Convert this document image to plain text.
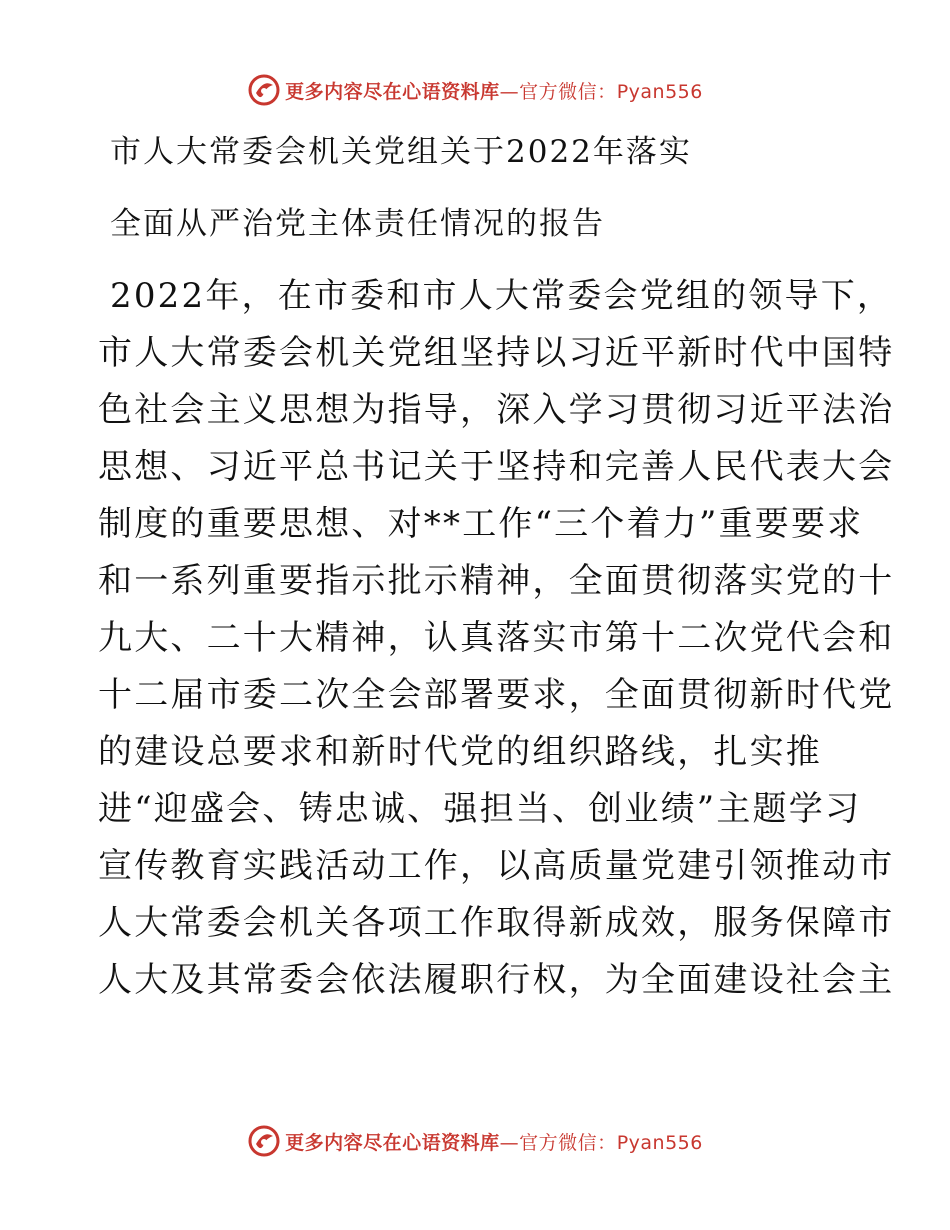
更多内容尽在心语资料库—官方微信：Pyan556
市人大常委会机关党组关于2022年落实
全面从严治党主体责任情况的报告
2022年，在市委和市人大常委会党组的领导下，
市人大常委会机关党组坚持以习近平新时代中国特
色社会主义思想为指导，深入学习贯彻习近平法治
思想、习近平总书记关于坚持和完善人民代表大会
制度的重要思想、对**工作“三个着力”重要要求
和一系列重要指示批示精神，全面贯彻落实党的十
九大、二十大精神，认真落实市第十二次党代会和
十二届市委二次全会部署要求，全面贯彻新时代党
的建设总要求和新时代党的组织路线，扎实推
进“迎盛会、铸忠诚、强担当、创业绩”主题学习
宣传教育实践活动工作，以高质量党建引领推动市
人大常委会机关各项工作取得新成效，服务保障市
人大及其常委会依法履职行权，为全面建设社会主
更多内容尽在心语资料库—官方微信：Pyan556
